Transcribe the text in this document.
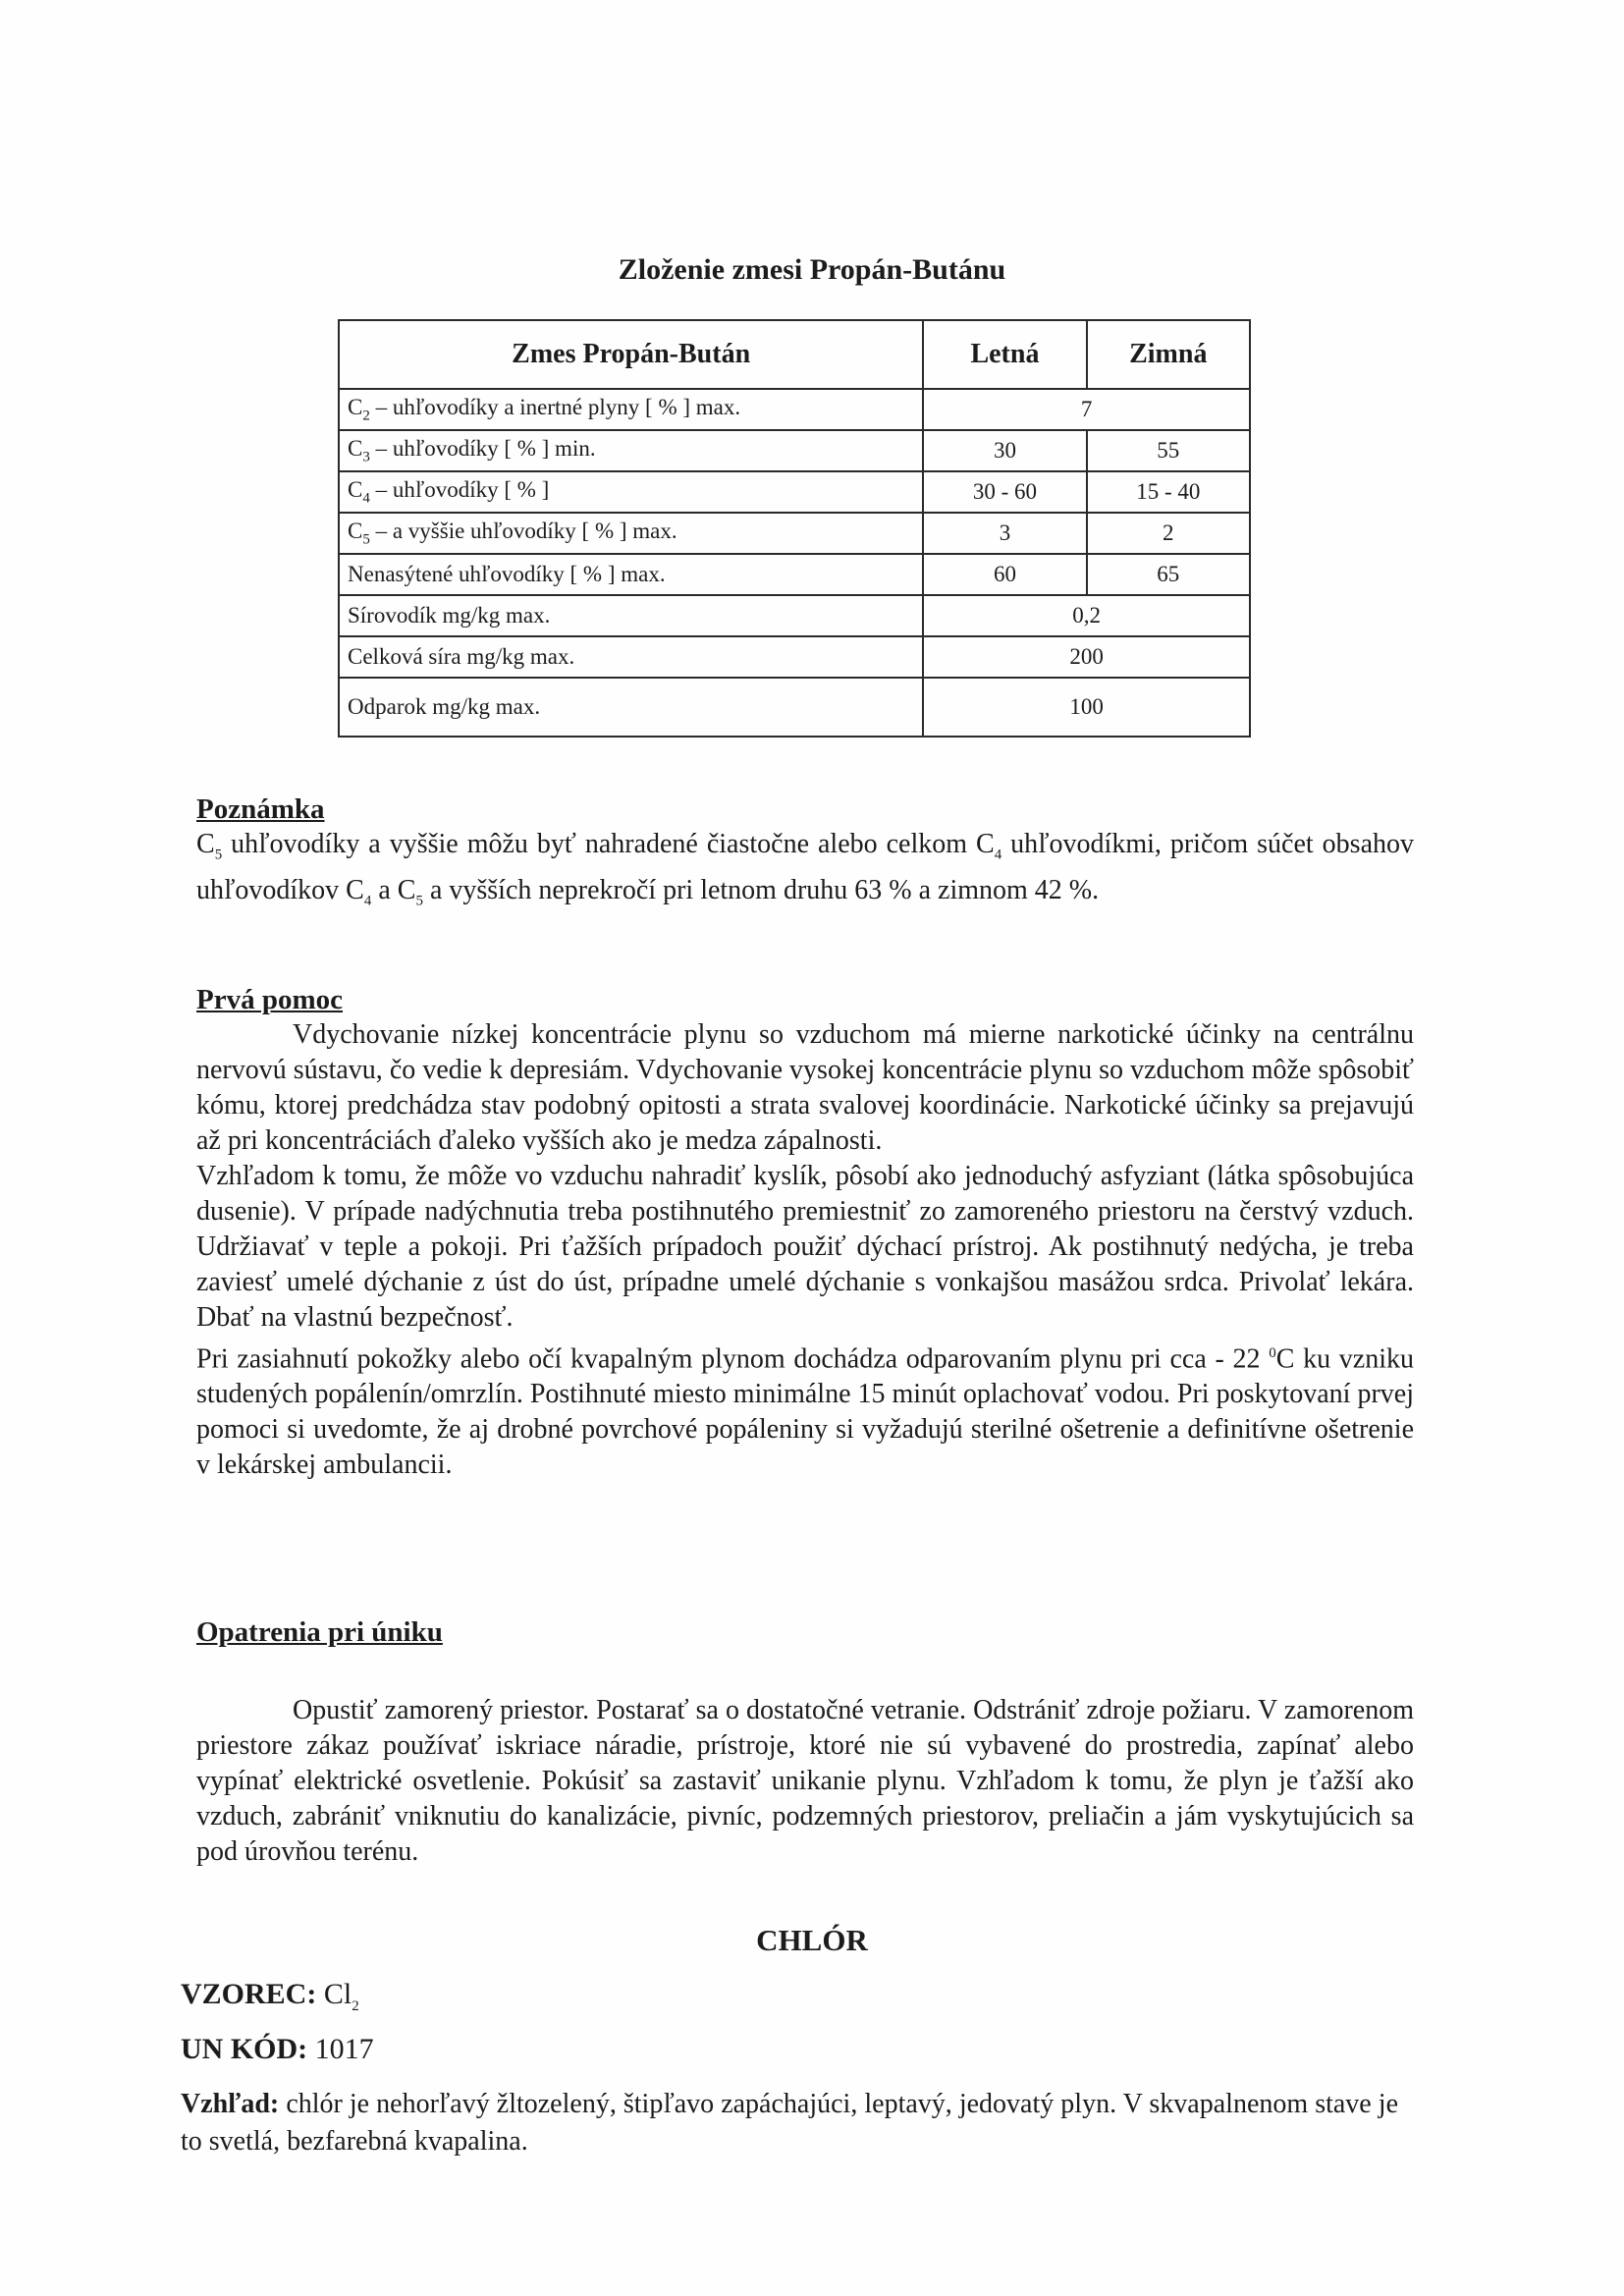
Zloženie zmesi Propán-Butánu
Zmes Propán-Bután	Letná	Zimná
$C_2$ – uhľovodíky a inertné plyny [ % ] max.	7	
$C_3$ – uhľovodíky [ % ] min.	30	55
$C_4$ – uhľovodíky [ % ]	30 - 60	15 - 40
$C_5$ – a vyššie uhľovodíky [ % ] max.	3	2
Nenasýtené uhľovodíky [ % ] max.	60	65
Sírovodík mg/kg max.	0,2	
Celková síra mg/kg max.	200	
Odparok mg/kg max.	100	
Poznámka

$C_5$ uhľovodíky a vyššie môžu byť nahradené čiastočne alebo celkom $C_4$ uhľovodíkmi, pričom súčet obsahov uhľovodíkov $C_4$ a $C_5$ a vyšších neprekročí pri letnom druhu 63 % a zimnom 42 %.

Prvá pomoc

Vdychovanie nízkej koncentrácie plynu so vzduchom má mierne narkotické účinky na centrálnu nervovú sústavu, čo vedie k depresiám. Vdychovanie vysokej koncentrácie plynu so vzduchom môže spôsobiť kómu, ktorej predchádza stav podobný opitosti a strata svalovej koordinácie. Narkotické účinky sa prejavujú až pri koncentráciách ďaleko vyšších ako je medza zápalnosti.

Vzhľadom k tomu, že môže vo vzduchu nahradiť kyslík, pôsobí ako jednoduchý asfyziant (látka spôsobujúca dusenie). V prípade nadýchnutia treba postihnutého premiestniť zo zamoreného priestoru na čerstvý vzduch. Udržiavať v teple a pokoji. Pri ťažších prípadoch použiť dýchací prístroj. Ak postihnutý nedýcha, je treba zaviesť umelé dýchanie z úst do úst, prípadne umelé dýchanie s vonkajšou masážou srdca. Privolať lekára. Dbať na vlastnú bezpečnosť.

Pri zasiahnutí pokožky alebo očí kvapalným plynom dochádza odparovaním plynu pri cca - 22 $^0$C ku vzniku studených popálenín/omrzlín. Postihnuté miesto minimálne 15 minút oplachovať vodou. Pri poskytovaní prvej pomoci si uvedomte, že aj drobné povrchové popáleniny si vyžadujú sterilné ošetrenie a definitívne ošetrenie v lekárskej ambulancii.

Opatrenia pri úniku

Opustiť zamorený priestor. Postarať sa o dostatočné vetranie. Odstrániť zdroje požiaru. V zamorenom priestore zákaz používať iskriace náradie, prístroje, ktoré nie sú vybavené do prostredia, zapínať alebo vypínať elektrické osvetlenie. Pokúsiť sa zastaviť unikanie plynu. Vzhľadom k tomu, že plyn je ťažší ako vzduch, zabrániť vniknutiu do kanalizácie, pivníc, podzemných priestorov, preliačin a jám vyskytujúcich sa pod úrovňou terénu.

CHLÓR
VZOREC: $Cl_2$
UN KÓD: 1017
Vzhľad: chlór je nehorľavý žltozelený, štipľavo zapáchajúci, leptavý, jedovatý plyn. V skvapalnenom stave je to svetlá, bezfarebná kvapalina.
